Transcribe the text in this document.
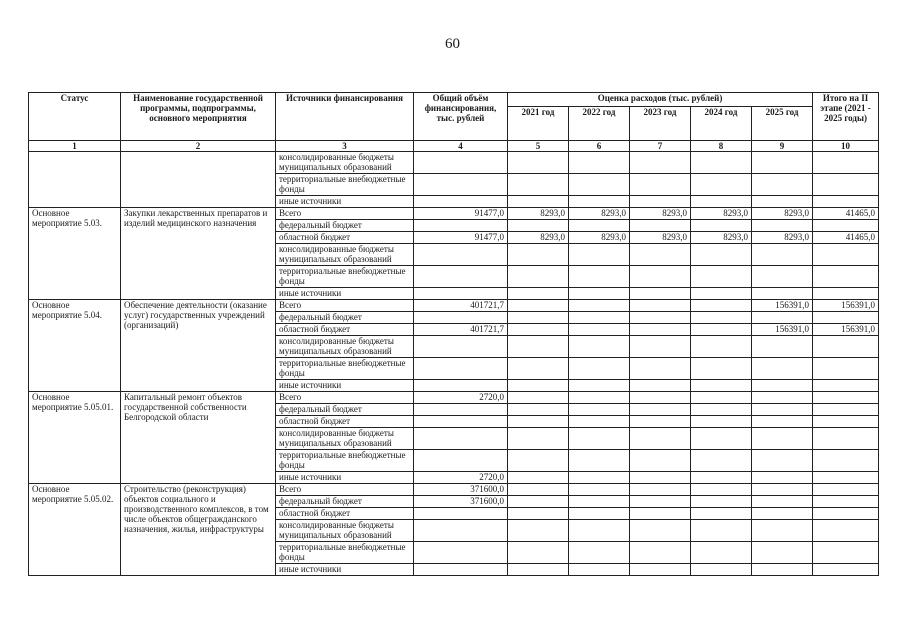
60
Статус	Наименование государственной программы, подпрограммы, основного мероприятия	Источники финансирования	Общий объём финансирования, тыс. рублей	Оценка расходов (тыс. рублей)					Итого на II этапе (2021 - 2025 годы)
				2021 год	2022 год	2023 год	2024 год	2025 год	
1	2	3	4	5	6	7	8	9	10
		консолидированные бюджеты муниципальных образований							
		территориальные внебюджетные фонды							
		иные источники							
Основное мероприятие 5.03.	Закупки лекарственных препаратов и изделий медицинского назначения	Всего	91477,0	8293,0	8293,0	8293,0	8293,0	8293,0	41465,0
		федеральный бюджет							
		областной бюджет	91477,0	8293,0	8293,0	8293,0	8293,0	8293,0	41465,0
		консолидированные бюджеты муниципальных образований							
		территориальные внебюджетные фонды							
		иные источники							
Основное мероприятие 5.04.	Обеспечение деятельности (оказание услуг) государственных учреждений (организаций)	Всего	401721,7					156391,0	156391,0
		федеральный бюджет							
		областной бюджет	401721,7					156391,0	156391,0
		консолидированные бюджеты муниципальных образований							
		территориальные внебюджетные фонды							
		иные источники							
Основное мероприятие 5.05.01.	Капитальный ремонт объектов государственной собственности Белгородской области	Всего	2720,0						
		федеральный бюджет							
		областной бюджет							
		консолидированные бюджеты муниципальных образований							
		территориальные внебюджетные фонды							
		иные источники	2720,0						
Основное мероприятие 5.05.02.	Строительство (реконструкция) объектов социального и производственного комплексов, в том числе объектов общегражданского назначения, жилья, инфраструктуры	Всего	371600,0						
		федеральный бюджет	371600,0						
		областной бюджет							
		консолидированные бюджеты муниципальных образований							
		территориальные внебюджетные фонды							
		иные источники							
